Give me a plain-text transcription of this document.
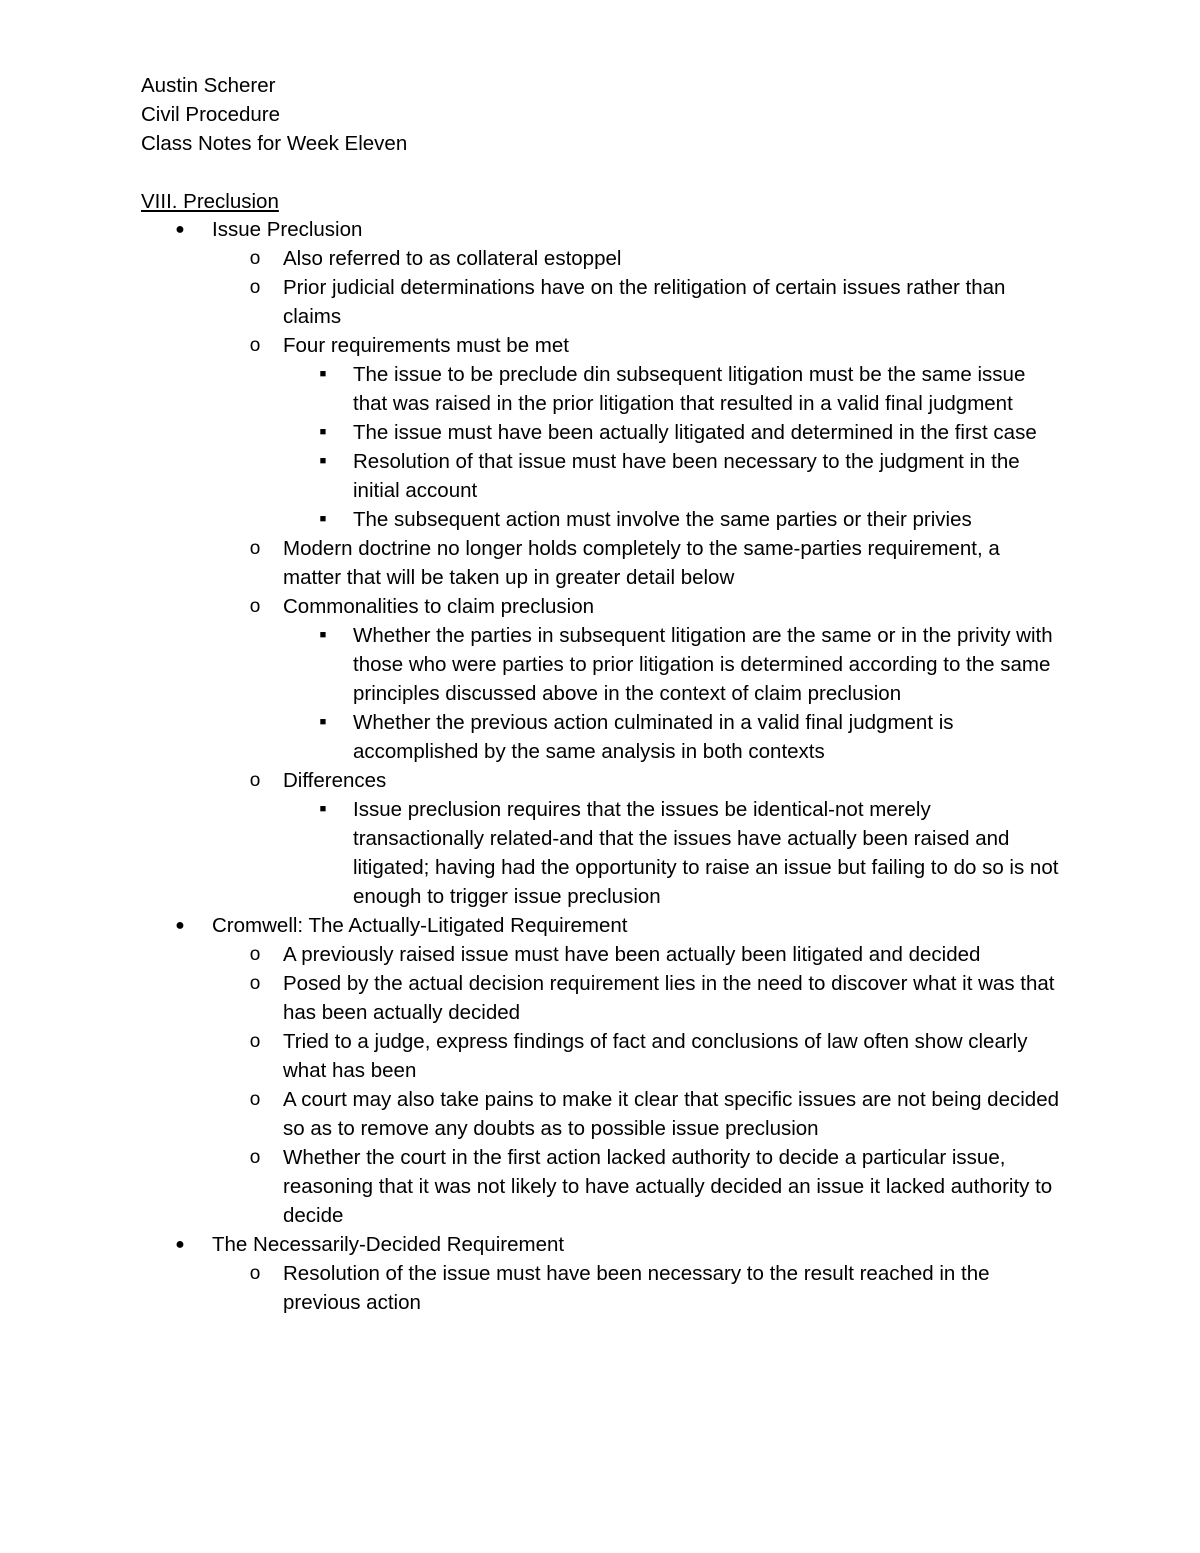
Austin Scherer
Civil Procedure
Class Notes for Week Eleven
VIII. Preclusion
● Issue Preclusion
o Also referred to as collateral estoppel
o Prior judicial determinations have on the relitigation of certain issues rather than claims
o Four requirements must be met
■ The issue to be preclude din subsequent litigation must be the same issue that was raised in the prior litigation that resulted in a valid final judgment
■ The issue must have been actually litigated and determined in the first case
■ Resolution of that issue must have been necessary to the judgment in the initial account
■ The subsequent action must involve the same parties or their privies
o Modern doctrine no longer holds completely to the same-parties requirement, a matter that will be taken up in greater detail below
o Commonalities to claim preclusion
■ Whether the parties in subsequent litigation are the same or in the privity with those who were parties to prior litigation is determined according to the same principles discussed above in the context of claim preclusion
■ Whether the previous action culminated in a valid final judgment is accomplished by the same analysis in both contexts
o Differences
■ Issue preclusion requires that the issues be identical-not merely transactionally related-and that the issues have actually been raised and litigated; having had the opportunity to raise an issue but failing to do so is not enough to trigger issue preclusion
● Cromwell: The Actually-Litigated Requirement
o A previously raised issue must have been actually been litigated and decided
o Posed by the actual decision requirement lies in the need to discover what it was that has been actually decided
o Tried to a judge, express findings of fact and conclusions of law often show clearly what has been
o A court may also take pains to make it clear that specific issues are not being decided so as to remove any doubts as to possible issue preclusion
o Whether the court in the first action lacked authority to decide a particular issue, reasoning that it was not likely to have actually decided an issue it lacked authority to decide
● The Necessarily-Decided Requirement
o Resolution of the issue must have been necessary to the result reached in the previous action
